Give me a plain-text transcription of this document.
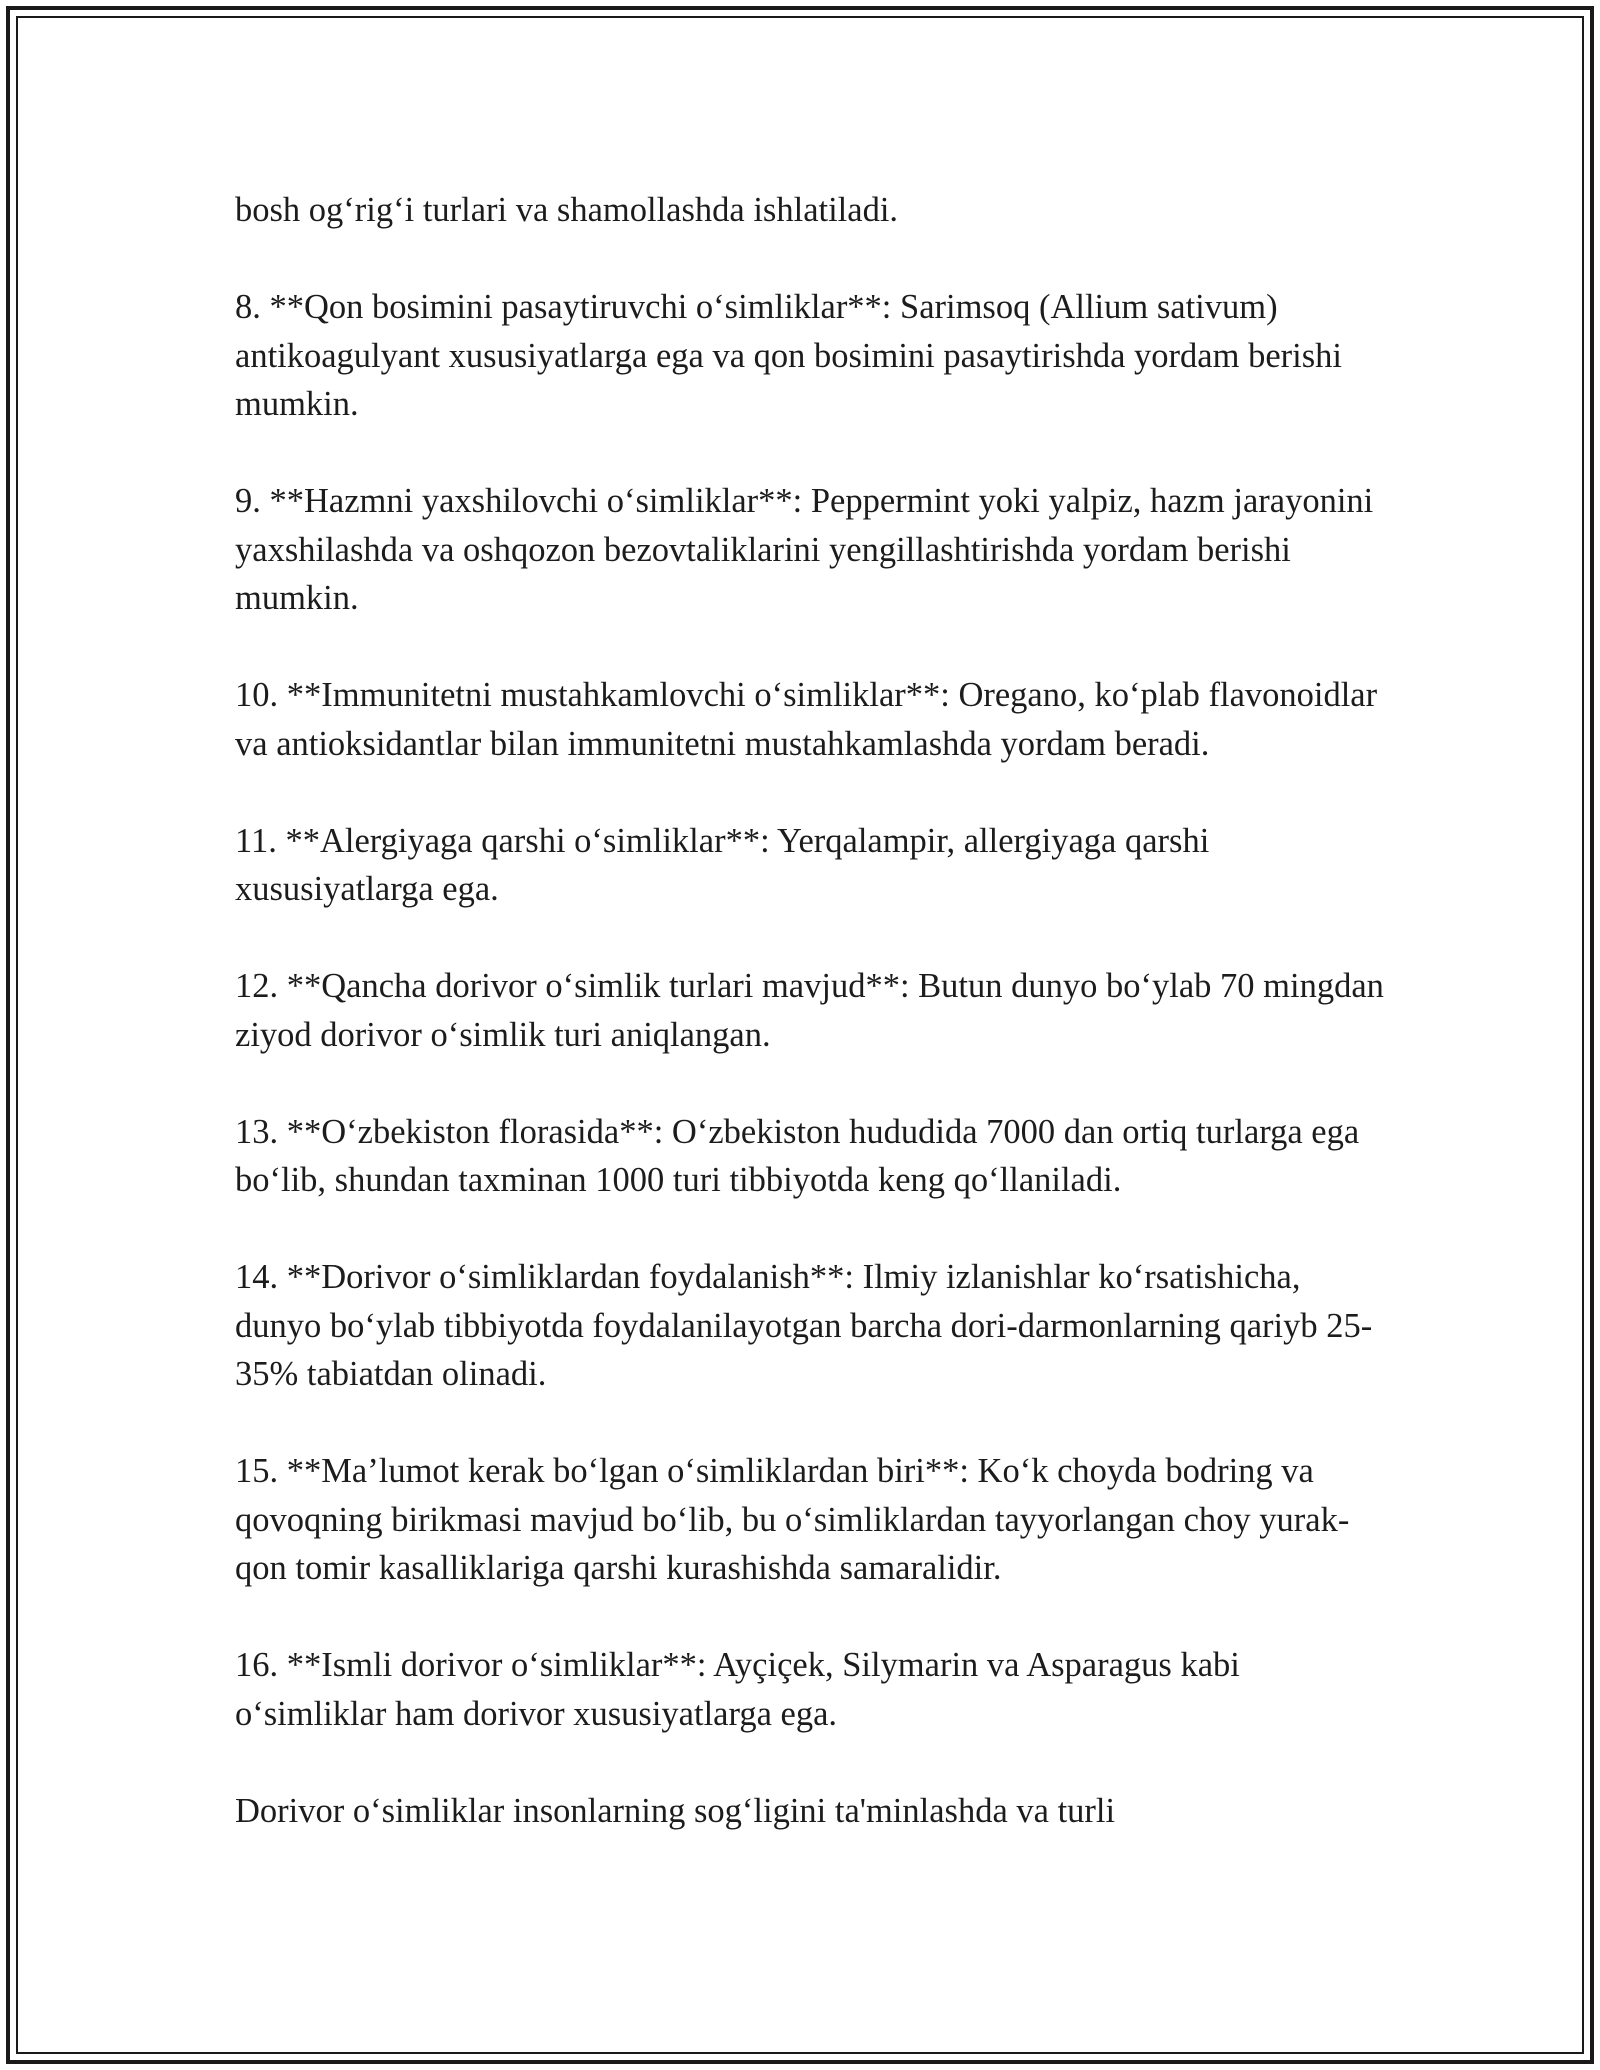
bosh og‘rig‘i turlari va shamollashda ishlatiladi.

8. **Qon bosimini pasaytiruvchi o‘simliklar**: Sarimsoq (Allium sativum) antikoagulyant xususiyatlarga ega va qon bosimini pasaytirishda yordam berishi mumkin.

9. **Hazmni yaxshilovchi o‘simliklar**: Peppermint yoki yalpiz, hazm jarayonini yaxshilashda va oshqozon bezovtaliklarini yengillashtirishda yordam berishi mumkin.

10. **Immunitetni mustahkamlovchi o‘simliklar**: Oregano, ko‘plab flavonoidlar va antioksidantlar bilan immunitetni mustahkamlashda yordam beradi.

11. **Alergiyaga qarshi o‘simliklar**: Yerqalampir, allergiyaga qarshi xususiyatlarga ega.

12. **Qancha dorivor o‘simlik turlari mavjud**: Butun dunyo bo‘ylab 70 mingdan ziyod dorivor o‘simlik turi aniqlangan.

13. **O‘zbekiston florasida**: O‘zbekiston hududida 7000 dan ortiq turlarga ega bo‘lib, shundan taxminan 1000 turi tibbiyotda keng qo‘llaniladi.

14. **Dorivor o‘simliklardan foydalanish**: Ilmiy izlanishlar ko‘rsatishicha, dunyo bo‘ylab tibbiyotda foydalanilayotgan barcha dori-darmonlarning qariyb 25-35% tabiatdan olinadi.

15. **Ma’lumot kerak bo‘lgan o‘simliklardan biri**: Ko‘k choyda bodring va qovoqning birikmasi mavjud bo‘lib, bu o‘simliklardan tayyorlangan choy yurak-qon tomir kasalliklariga qarshi kurashishda samaralidir.

16. **Ismli dorivor o‘simliklar**: Ayçiçek, Silymarin va Asparagus kabi o‘simliklar ham dorivor xususiyatlarga ega.

Dorivor o‘simliklar insonlarning sog‘ligini ta'minlashda va turli
